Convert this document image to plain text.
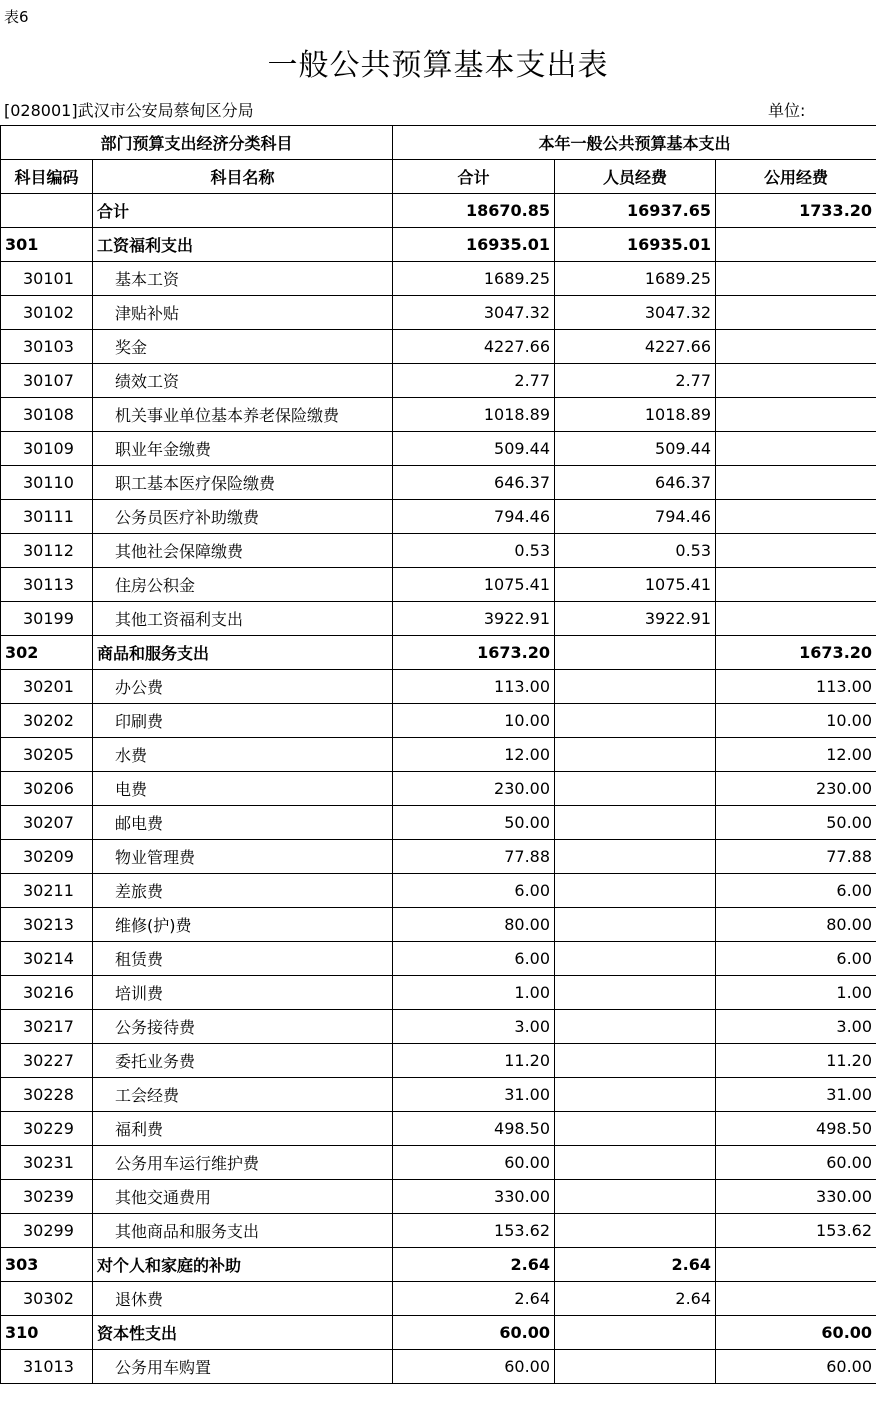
表6
一般公共预算基本支出表
[028001]武汉市公安局蔡甸区分局	单位:
部门预算支出经济分类科目		本年一般公共预算基本支出		
科目编码	科目名称	合计	人员经费	公用经费
	合计	18670.85	16937.65	1733.20
301	工资福利支出	16935.01	16935.01	
30101	基本工资	1689.25	1689.25	
30102	津贴补贴	3047.32	3047.32	
30103	奖金	4227.66	4227.66	
30107	绩效工资	2.77	2.77	
30108	机关事业单位基本养老保险缴费	1018.89	1018.89	
30109	职业年金缴费	509.44	509.44	
30110	职工基本医疗保险缴费	646.37	646.37	
30111	公务员医疗补助缴费	794.46	794.46	
30112	其他社会保障缴费	0.53	0.53	
30113	住房公积金	1075.41	1075.41	
30199	其他工资福利支出	3922.91	3922.91	
302	商品和服务支出	1673.20		1673.20
30201	办公费	113.00		113.00
30202	印刷费	10.00		10.00
30205	水费	12.00		12.00
30206	电费	230.00		230.00
30207	邮电费	50.00		50.00
30209	物业管理费	77.88		77.88
30211	差旅费	6.00		6.00
30213	维修(护)费	80.00		80.00
30214	租赁费	6.00		6.00
30216	培训费	1.00		1.00
30217	公务接待费	3.00		3.00
30227	委托业务费	11.20		11.20
30228	工会经费	31.00		31.00
30229	福利费	498.50		498.50
30231	公务用车运行维护费	60.00		60.00
30239	其他交通费用	330.00		330.00
30299	其他商品和服务支出	153.62		153.62
303	对个人和家庭的补助	2.64	2.64	
30302	退休费	2.64	2.64	
310	资本性支出	60.00		60.00
31013	公务用车购置	60.00		60.00
